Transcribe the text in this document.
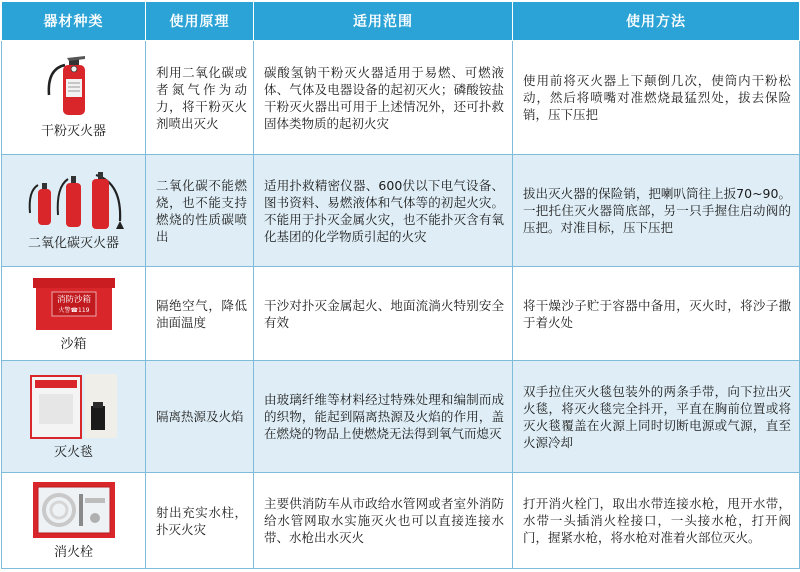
器材种类	使用原理	适用范围	使用方法

干粉灭火器	利用二氧化碳或者氮气作为动力，将干粉灭火剂喷出灭火	碳酸氢钠干粉灭火器适用于易燃、可燃液体、气体及电器设备的起初灭火；磷酸铵盐干粉灭火器出可用于上述情况外，还可扑救固体类物质的起初火灾	使用前将灭火器上下颠倒几次，使筒内干粉松动，然后将喷嘴对准燃烧最猛烈处，拔去保险销，压下压把

二氧化碳灭火器	二氧化碳不能燃烧，也不能支持燃烧的性质碳喷出	适用扑救精密仪器、600伏以下电气设备、图书资料、易燃液体和气体等的初起火灾。不能用于扑灭金属火灾，也不能扑灭含有氧化基团的化学物质引起的火灾	拔出灭火器的保险销，把喇叭筒往上扳70~90。一把托住灭火器筒底部，另一只手握住启动阀的压把。对准目标，压下压把

消防沙箱
火警☎119
沙箱	隔绝空气，降低油面温度	干沙对扑灭金属起火、地面流淌火特别安全有效	将干燥沙子贮于容器中备用，灭火时，将沙子撒于着火处

灭火毯	隔离热源及火焰	由玻璃纤维等材料经过特殊处理和编制而成的织物，能起到隔离热源及火焰的作用，盖在燃烧的物品上使燃烧无法得到氧气而熄灭	双手拉住灭火毯包装外的两条手带，向下拉出灭火毯，将灭火毯完全抖开，平直在胸前位置或将灭火毯覆盖在火源上同时切断电源或气源，直至火源冷却

消火栓	射出充实水柱，扑灭火灾	主要供消防车从市政给水管网或者室外消防给水管网取水实施灭火也可以直接连接水带、水枪出水灭火	打开消火栓门，取出水带连接水枪，甩开水带，水带一头插消火栓接口，一头接水枪，打开阀门，握紧水枪，将水枪对准着火部位灭火。
